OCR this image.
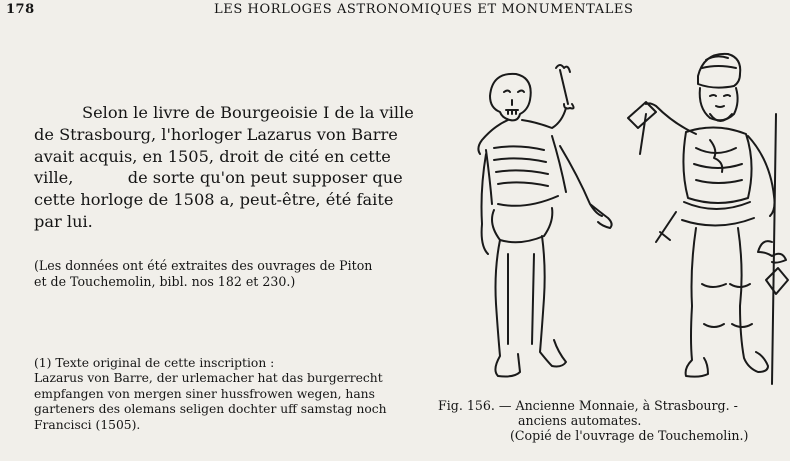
178	LES HORLOGES ASTRONOMIQUES ET MONUMENTALES
Selon le livre de Bourgeoisie I de la ville
de Strasbourg, l'horloger Lazarus von Barre
avait acquis, en 1505, droit de cité en cette
ville,	de sorte qu'on peut supposer que
cette horloge de 1508 a, peut-être, été faite
par lui.
(Les données ont été extraites des ouvrages de Piton
et de Touchemolin, bibl. nos 182 et 230.)
(1) Texte original de cette inscription :
Lazarus von Barre, der urlemacher hat das burgerrecht
empfangen von mergen siner hussfrowen wegen, hans
garteners des olemans seligen dochter uff samstag noch
Francisci (1505).
Fig. 156. — Ancienne Monnaie, à Strasbourg. -
anciens automates.
(Copié de l'ouvrage de Touchemolin.)
